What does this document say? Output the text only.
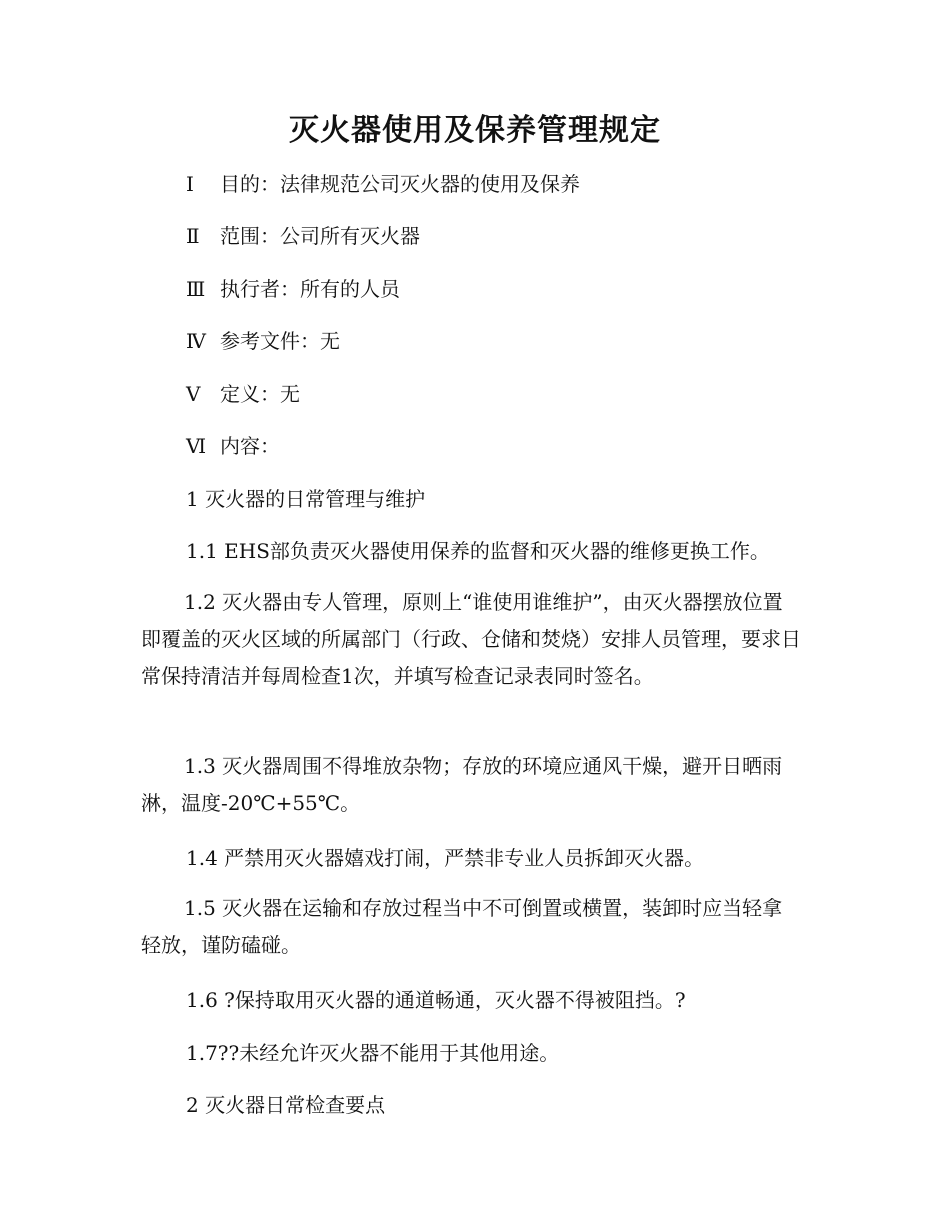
灭火器使用及保养管理规定
Ⅰ 目的：法律规范公司灭火器的使用及保养
Ⅱ 范围：公司所有灭火器
Ⅲ 执行者：所有的人员
Ⅳ 参考文件：无
Ⅴ 定义：无
Ⅵ 内容：
1 灭火器的日常管理与维护
1.1 EHS部负责灭火器使用保养的监督和灭火器的维修更换工作。

1.2 灭火器由专人管理，原则上“谁使用谁维护”，由灭火器摆放位置即覆盖的灭火区域的所属部门（行政、仓储和焚烧）安排人员管理，要求日常保持清洁并每周检查1次，并填写检查记录表同时签名。

1.3 灭火器周围不得堆放杂物；存放的环境应通风干燥，避开日晒雨淋，温度-20℃+55℃。

1.4 严禁用灭火器嬉戏打闹，严禁非专业人员拆卸灭火器。

1.5 灭火器在运输和存放过程当中不可倒置或横置，装卸时应当轻拿轻放，谨防磕碰。

1.6 ?保持取用灭火器的通道畅通，灭火器不得被阻挡。?
1.7??未经允许灭火器不能用于其他用途。
2 灭火器日常检查要点
